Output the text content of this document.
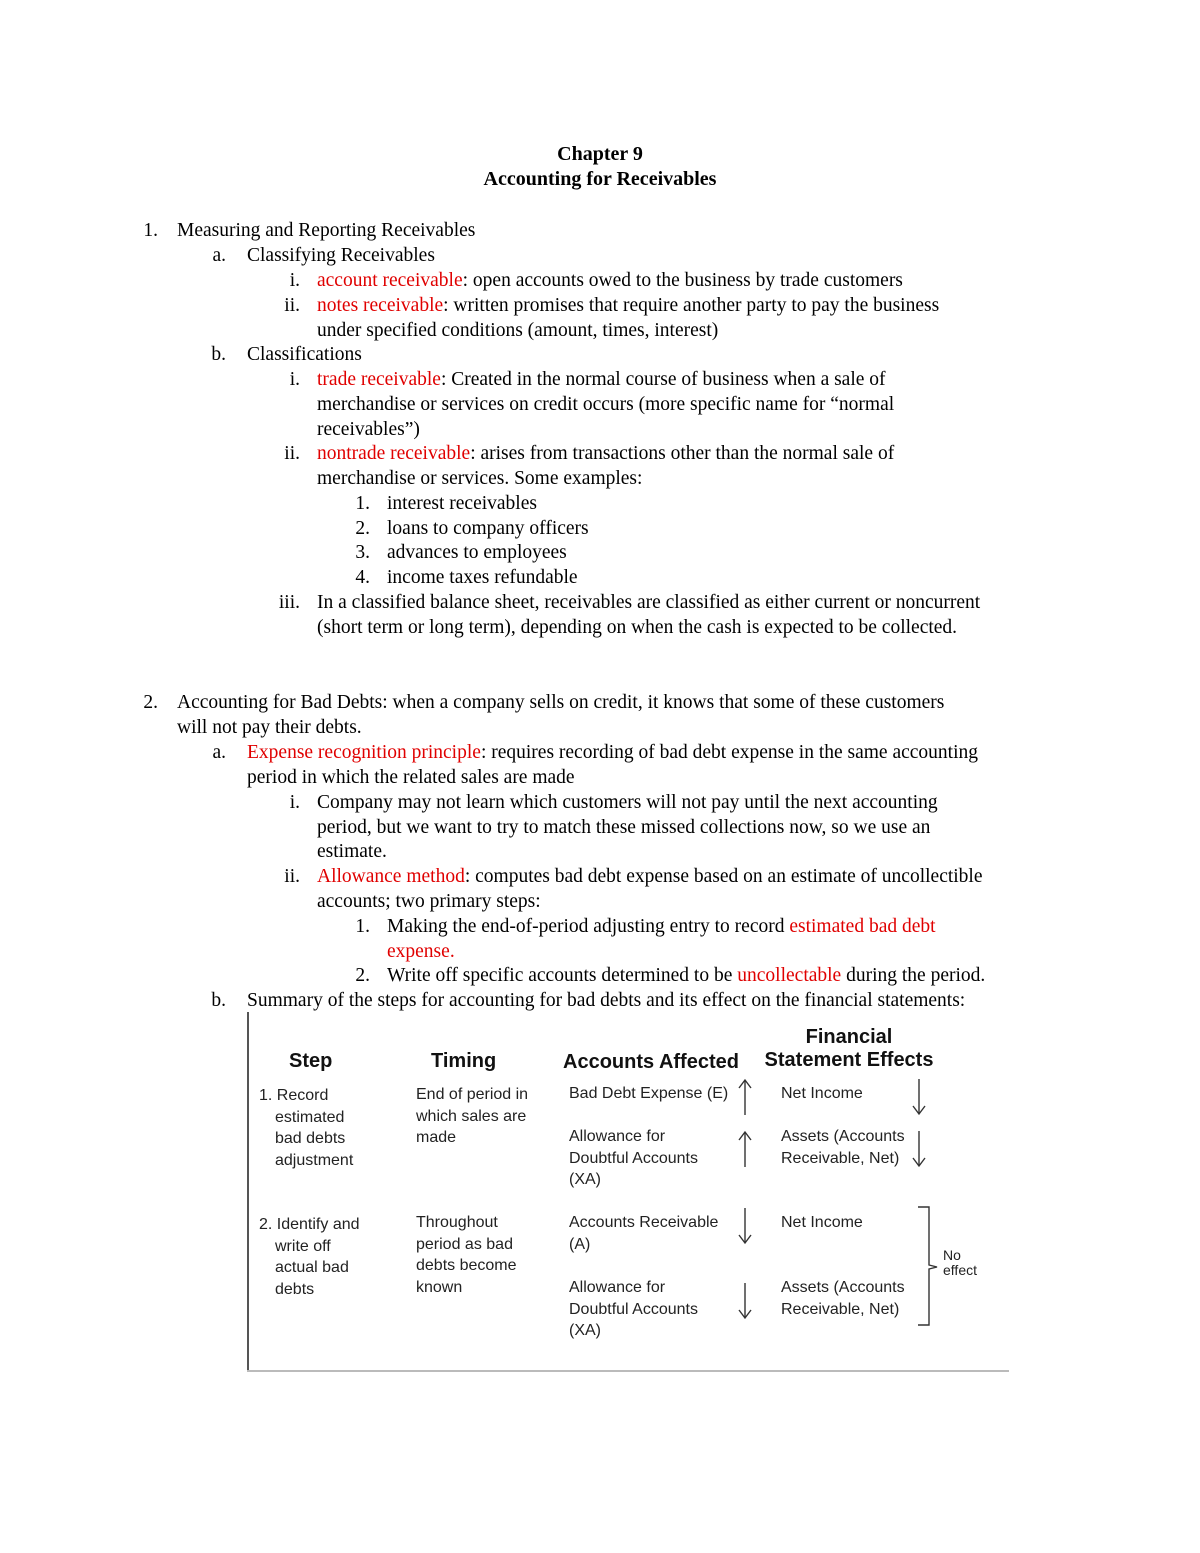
Chapter 9
Accounting for Receivables
1. Measuring and Reporting Receivables
a. Classifying Receivables
i. account receivable: open accounts owed to the business by trade customers
ii. notes receivable: written promises that require another party to pay the business
under specified conditions (amount, times, interest)
b. Classifications
i. trade receivable: Created in the normal course of business when a sale of
merchandise or services on credit occurs (more specific name for “normal
receivables”)
ii. nontrade receivable: arises from transactions other than the normal sale of
merchandise or services. Some examples:
1. interest receivables
2. loans to company officers
3. advances to employees
4. income taxes refundable
iii. In a classified balance sheet, receivables are classified as either current or noncurrent
(short term or long term), depending on when the cash is expected to be collected.
2. Accounting for Bad Debts: when a company sells on credit, it knows that some of these customers
will not pay their debts.
a. Expense recognition principle: requires recording of bad debt expense in the same accounting
period in which the related sales are made
i. Company may not learn which customers will not pay until the next accounting
period, but we want to try to match these missed collections now, so we use an
estimate.
ii. Allowance method: computes bad debt expense based on an estimate of uncollectible
accounts; two primary steps:
1. Making the end-of-period adjusting entry to record estimated bad debt
expense.
2. Write off specific accounts determined to be uncollectable during the period.
b. Summary of the steps for accounting for bad debts and its effect on the financial statements:
Step	Timing	Accounts Affected
Financial
Statement Effects
1. Record
estimated
bad debts
adjustment
End of period in
which sales are
made
Bad Debt Expense (E)
Allowance for
Doubtful Accounts
(XA)
Net Income
Assets (Accounts
Receivable, Net)
2. Identify and
write off
actual bad
debts
Throughout
period as bad
debts become
known
Accounts Receivable
(A)
Allowance for
Doubtful Accounts
(XA)
Net Income
Assets (Accounts
Receivable, Net)
No
effect
